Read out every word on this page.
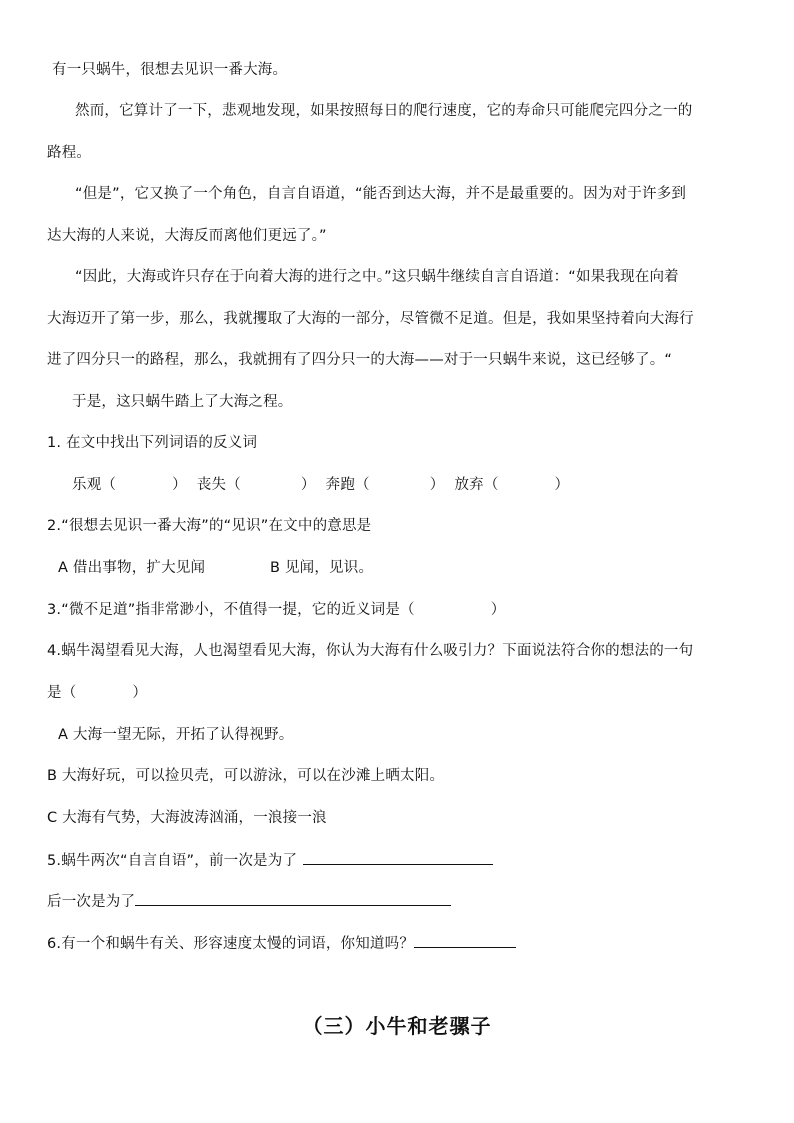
有一只蜗牛，很想去见识一番大海。
然而，它算计了一下，悲观地发现，如果按照每日的爬行速度，它的寿命只可能爬完四分之一的
路程。
“但是”，它又换了一个角色，自言自语道，“能否到达大海，并不是最重要的。因为对于许多到
达大海的人来说，大海反而离他们更远了。”
“因此，大海或许只存在于向着大海的进行之中。”这只蜗牛继续自言自语道：“如果我现在向着
大海迈开了第一步，那么，我就攫取了大海的一部分，尽管微不足道。但是，我如果坚持着向大海行
进了四分只一的路程，那么，我就拥有了四分只一的大海——对于一只蜗牛来说，这已经够了。“
于是，这只蜗牛踏上了大海之程。
1. 在文中找出下列词语的反义词
乐观（	） 丧失（	） 奔跑（	） 放弃（	）
2.“很想去见识一番大海”的“见识”在文中的意思是
A 借出事物，扩大见闻	B 见闻，见识。
3.“微不足道”指非常渺小，不值得一提，它的近义词是（	）
4.蜗牛渴望看见大海，人也渴望看见大海，你认为大海有什么吸引力？下面说法符合你的想法的一句
是（	）
A 大海一望无际，开拓了认得视野。
B 大海好玩，可以捡贝壳，可以游泳，可以在沙滩上晒太阳。
C 大海有气势，大海波涛汹涌，一浪接一浪
5.蜗牛两次“自言自语”，前一次是为了
后一次是为了
6.有一个和蜗牛有关、形容速度太慢的词语，你知道吗？
（三）小牛和老骡子
